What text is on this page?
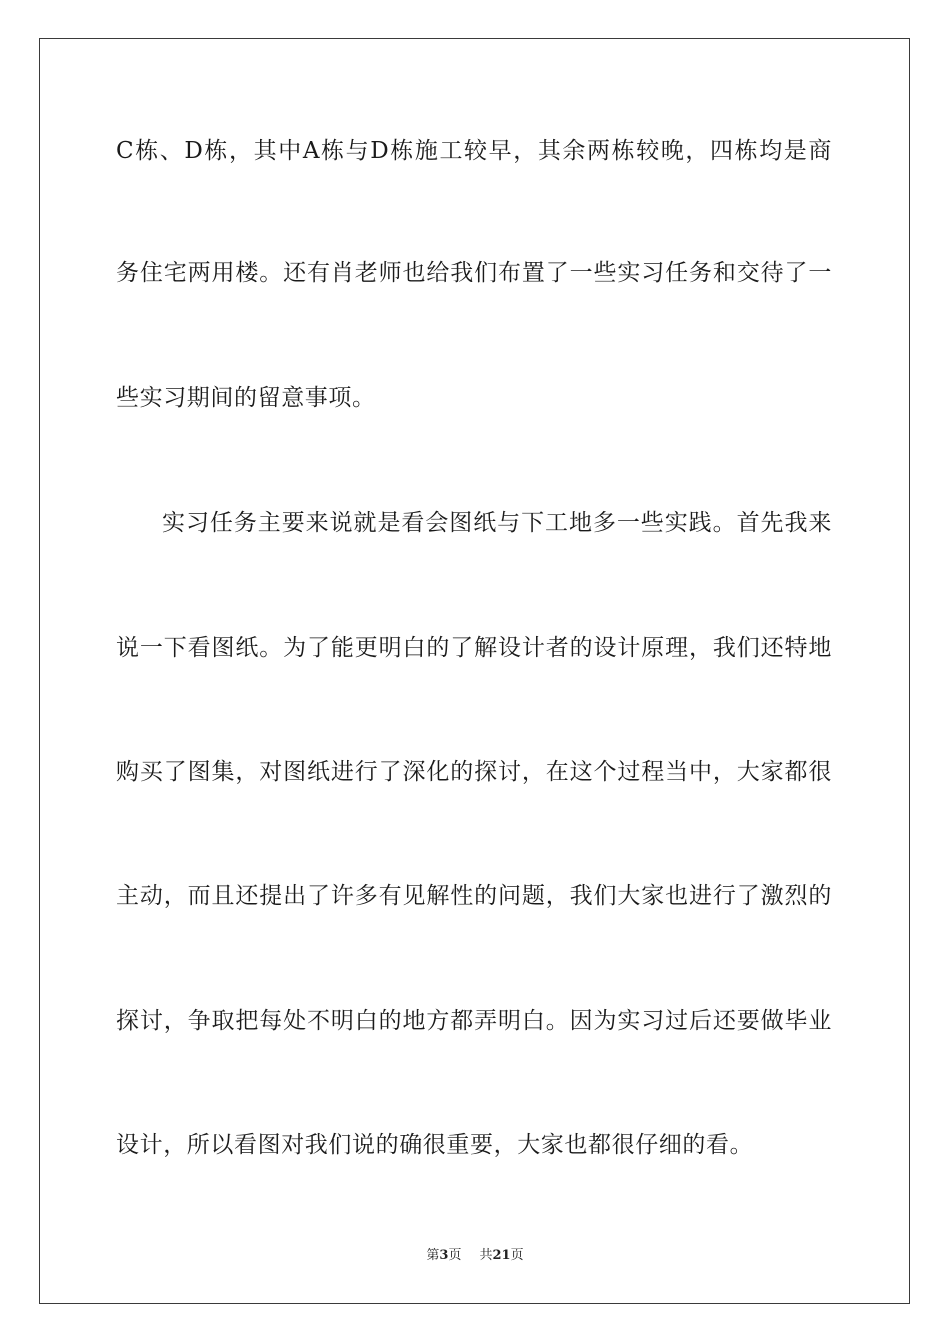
C栋、D栋，其中A栋与D栋施工较早，其余两栋较晚，四栋均是商
务住宅两用楼。还有肖老师也给我们布置了一些实习任务和交待了一
些实习期间的留意事项。
实习任务主要来说就是看会图纸与下工地多一些实践。首先我来
说一下看图纸。为了能更明白的了解设计者的设计原理，我们还特地
购买了图集，对图纸进行了深化的探讨，在这个过程当中，大家都很
主动，而且还提出了许多有见解性的问题，我们大家也进行了激烈的
探讨，争取把每处不明白的地方都弄明白。因为实习过后还要做毕业
设计，所以看图对我们说的确很重要，大家也都很仔细的看。
第3页 共21页
